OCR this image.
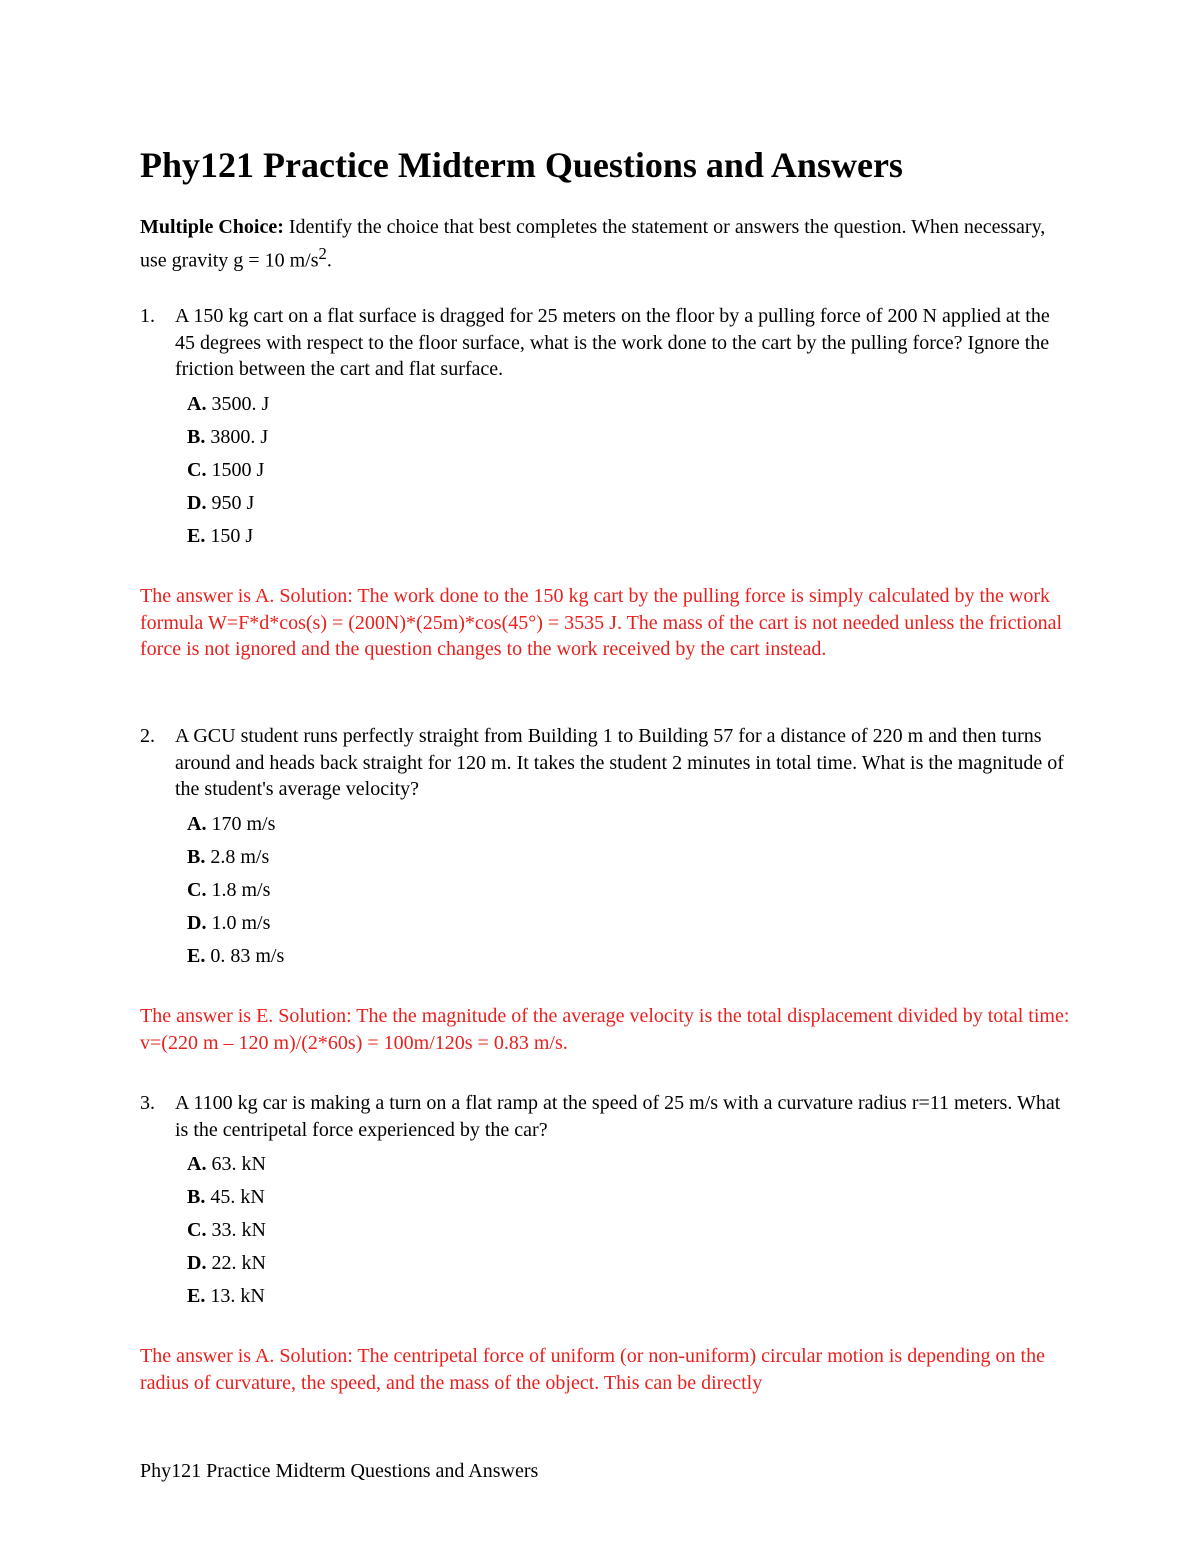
Phy121 Practice Midterm Questions and Answers

Multiple Choice: Identify the choice that best completes the statement or answers the question. When necessary, use gravity g = 10 $m/s^2$.

1. A 150 kg cart on a flat surface is dragged for 25 meters on the floor by a pulling force of 200 N applied at the 45 degrees with respect to the floor surface, what is the work done to the cart by the pulling force? Ignore the friction between the cart and flat surface.

A. 3500. J
B. 3800. J
C. 1500 J
D. 950 J
E. 150 J

The answer is A. Solution: The work done to the 150 kg cart by the pulling force is simply calculated by the work formula W=F*d*cos(s) = (200N)*(25m)*cos(45°) = 3535 J. The mass of the cart is not needed unless the frictional force is not ignored and the question changes to the work received by the cart instead.

2. A GCU student runs perfectly straight from Building 1 to Building 57 for a distance of 220 m and then turns around and heads back straight for 120 m. It takes the student 2 minutes in total time. What is the magnitude of the student's average velocity?

A. 170 m/s
B. 2.8 m/s
C. 1.8 m/s
D. 1.0 m/s
E. 0. 83 m/s

The answer is E. Solution: The the magnitude of the average velocity is the total displacement divided by total time: v=(220 m – 120 m)/(2*60s) = 100m/120s = 0.83 m/s.

3. A 1100 kg car is making a turn on a flat ramp at the speed of 25 m/s with a curvature radius r=11 meters. What is the centripetal force experienced by the car?

A. 63. kN
B. 45. kN
C. 33. kN
D. 22. kN
E. 13. kN

The answer is A. Solution: The centripetal force of uniform (or non-uniform) circular motion is depending on the radius of curvature, the speed, and the mass of the object. This can be directly

Phy121 Practice Midterm Questions and Answers
